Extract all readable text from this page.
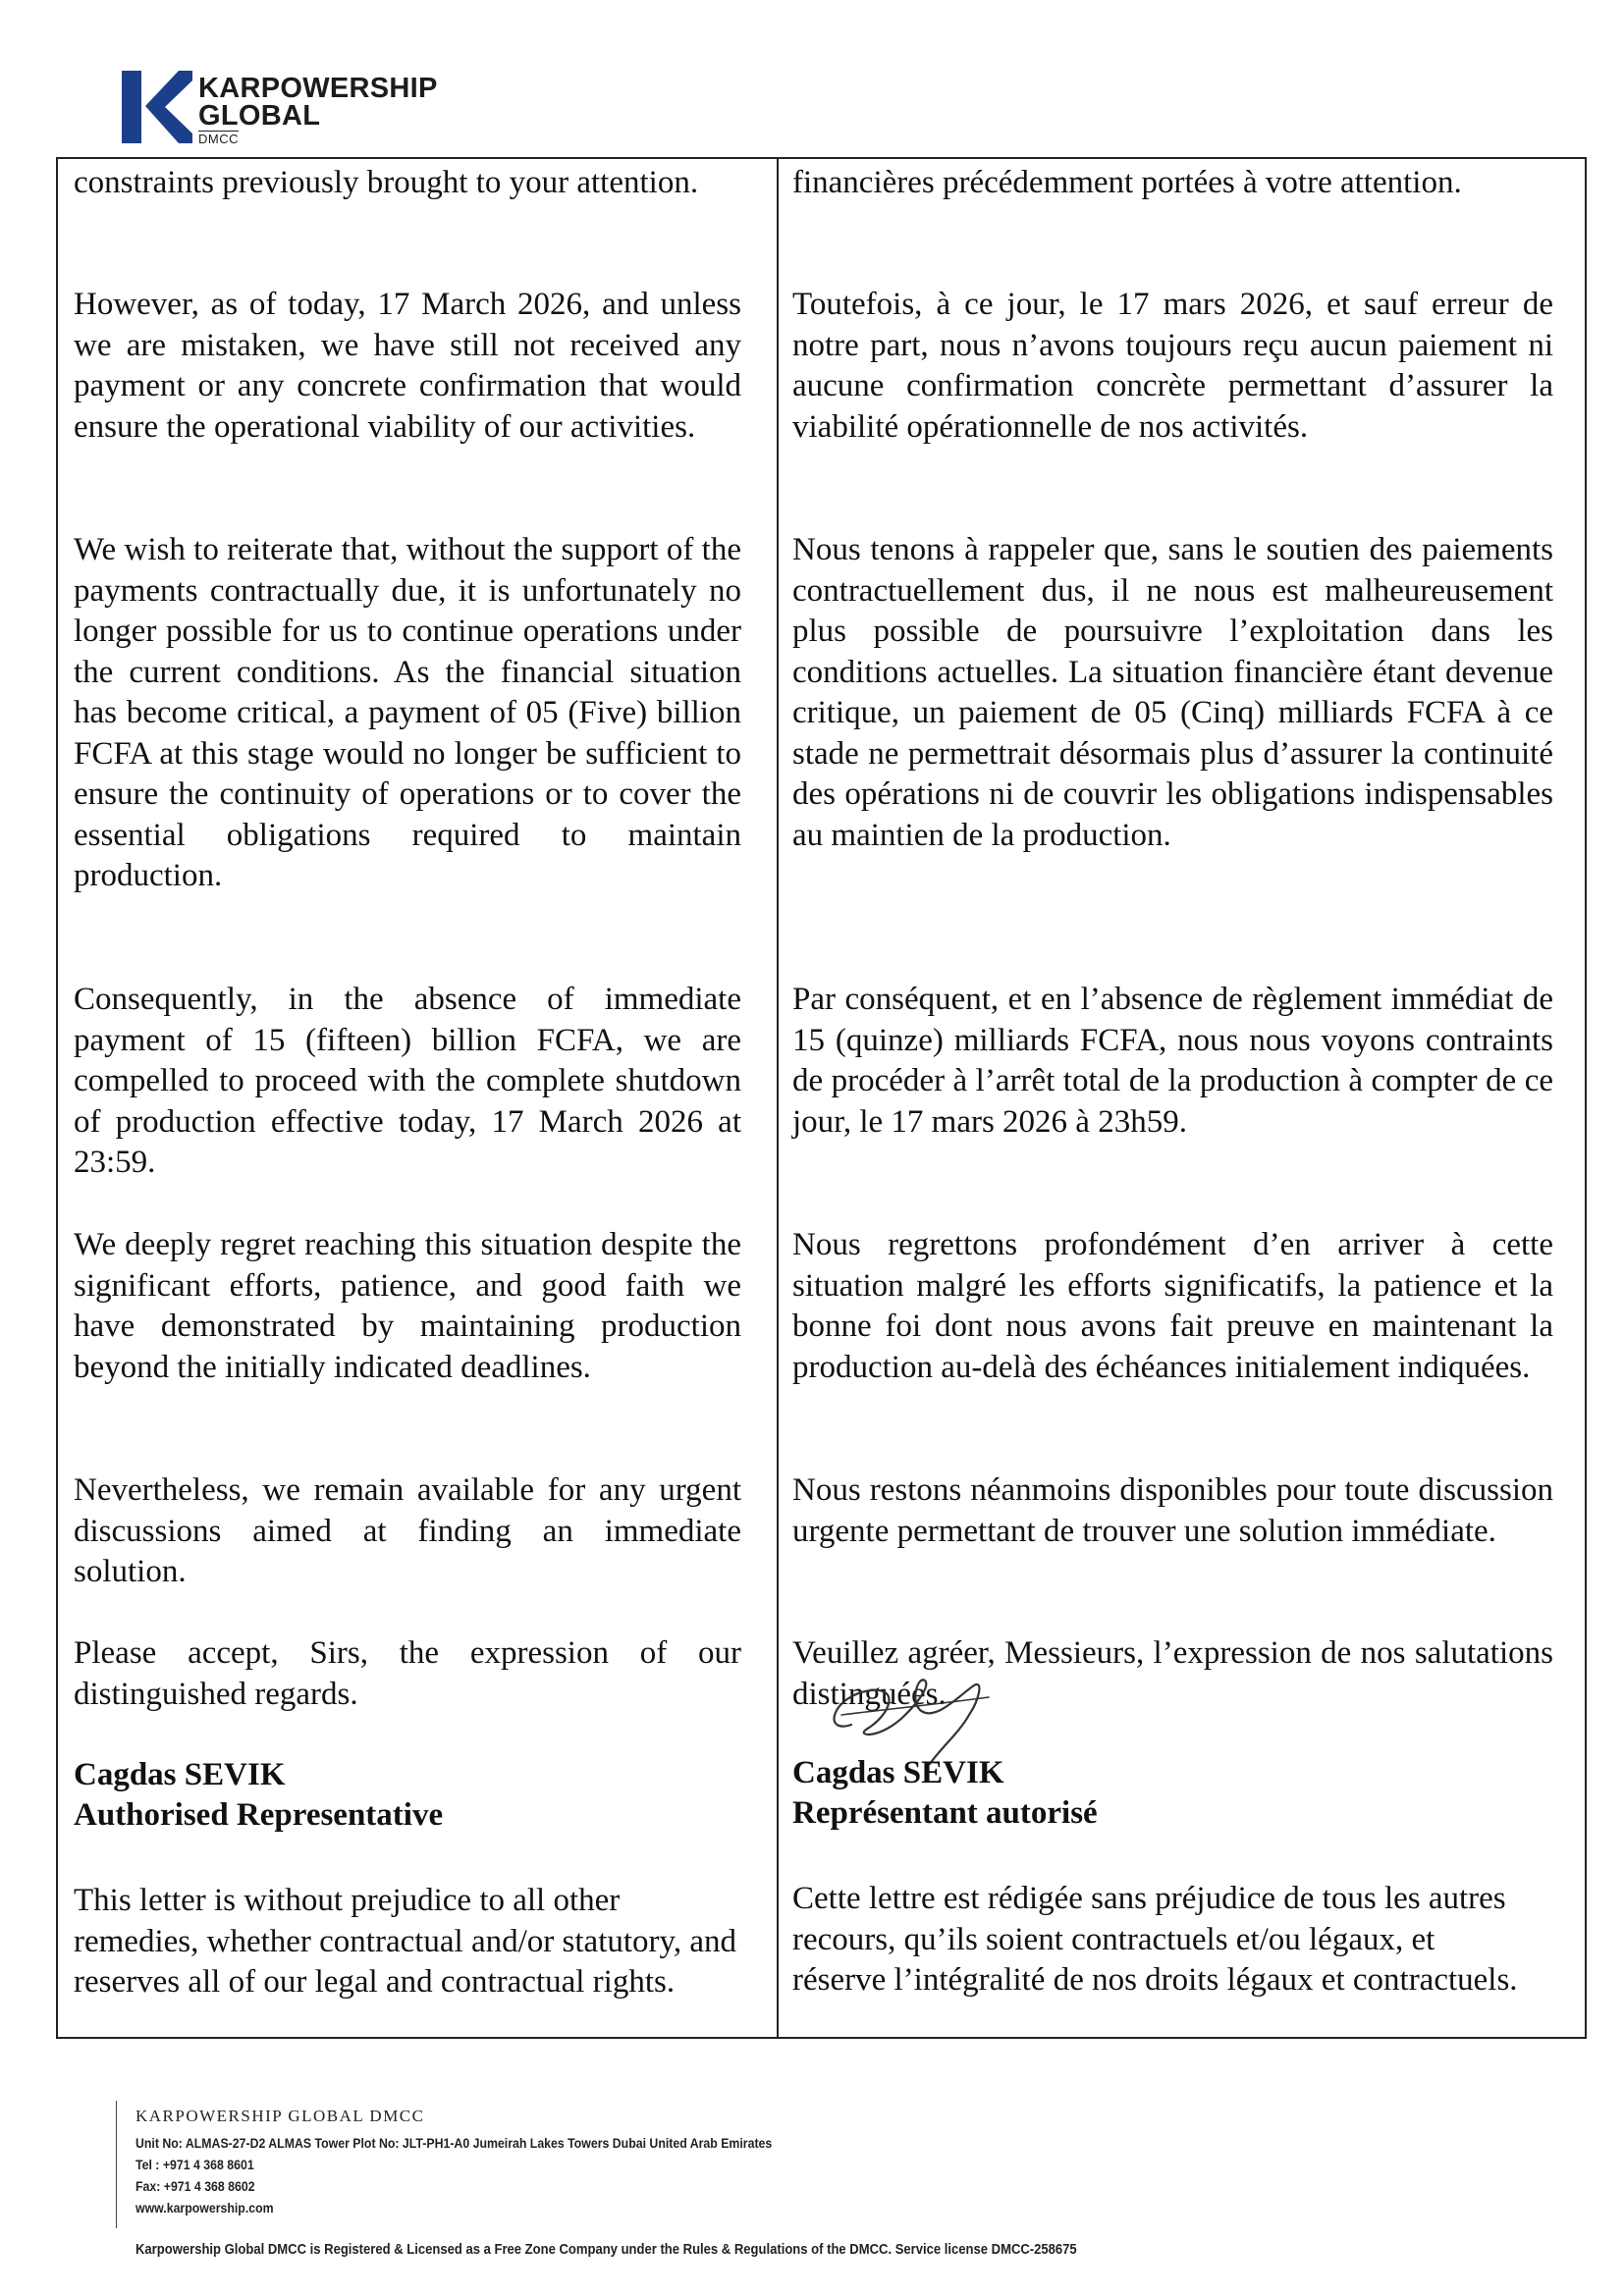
KARPOWERSHIP
GLOBAL
DMCC

constraints previously brought to your attention.

However, as of today, 17 March 2026, and unless we are mistaken, we have still not received any payment or any concrete confirmation that would ensure the operational viability of our activities.

We wish to reiterate that, without the support of the payments contractually due, it is unfortunately no longer possible for us to continue operations under the current conditions. As the financial situation has become critical, a payment of 05 (Five) billion FCFA at this stage would no longer be sufficient to ensure the continuity of operations or to cover the essential obligations required to maintain production.

Consequently, in the absence of immediate payment of 15 (fifteen) billion FCFA, we are compelled to proceed with the complete shutdown of production effective today, 17 March 2026 at 23:59.

We deeply regret reaching this situation despite the significant efforts, patience, and good faith we have demonstrated by maintaining production beyond the initially indicated deadlines.

Nevertheless, we remain available for any urgent discussions aimed at finding an immediate solution.

Please accept, Sirs, the expression of our distinguished regards.

Cagdas SEVIK

Authorised Representative

This letter is without prejudice to all other remedies, whether contractual and/or statutory, and reserves all of our legal and contractual rights.

financières précédemment portées à votre attention.

Toutefois, à ce jour, le 17 mars 2026, et sauf erreur de notre part, nous n’avons toujours reçu aucun paiement ni aucune confirmation concrète permettant d’assurer la viabilité opérationnelle de nos activités.

Nous tenons à rappeler que, sans le soutien des paiements contractuellement dus, il ne nous est malheureusement plus possible de poursuivre l’exploitation dans les conditions actuelles. La situation financière étant devenue critique, un paiement de 05 (Cinq) milliards FCFA à ce stade ne permettrait désormais plus d’assurer la continuité des opérations ni de couvrir les obligations indispensables au maintien de la production.

Par conséquent, et en l’absence de règlement immédiat de 15 (quinze) milliards FCFA, nous nous voyons contraints de procéder à l’arrêt total de la production à compter de ce jour, le 17 mars 2026 à 23h59.

Nous regrettons profondément d’en arriver à cette situation malgré les efforts significatifs, la patience et la bonne foi dont nous avons fait preuve en maintenant la production au-delà des échéances initialement indiquées.

Nous restons néanmoins disponibles pour toute discussion urgente permettant de trouver une solution immédiate.

Veuillez agréer, Messieurs, l’expression de nos salutations distinguées.

Cagdas SEVIK

Représentant autorisé

Cette lettre est rédigée sans préjudice de tous les autres recours, qu’ils soient contractuels et/ou légaux, et réserve l’intégralité de nos droits légaux et contractuels.

KARPOWERSHIP GLOBAL DMCC

Unit No: ALMAS-27-D2 ALMAS Tower Plot No: JLT-PH1-A0 Jumeirah Lakes Towers Dubai United Arab Emirates

Tel : +971 4 368 8601

Fax: +971 4 368 8602

www.karpowership.com

Karpowership Global DMCC is Registered & Licensed as a Free Zone Company under the Rules & Regulations of the DMCC. Service license DMCC-258675
